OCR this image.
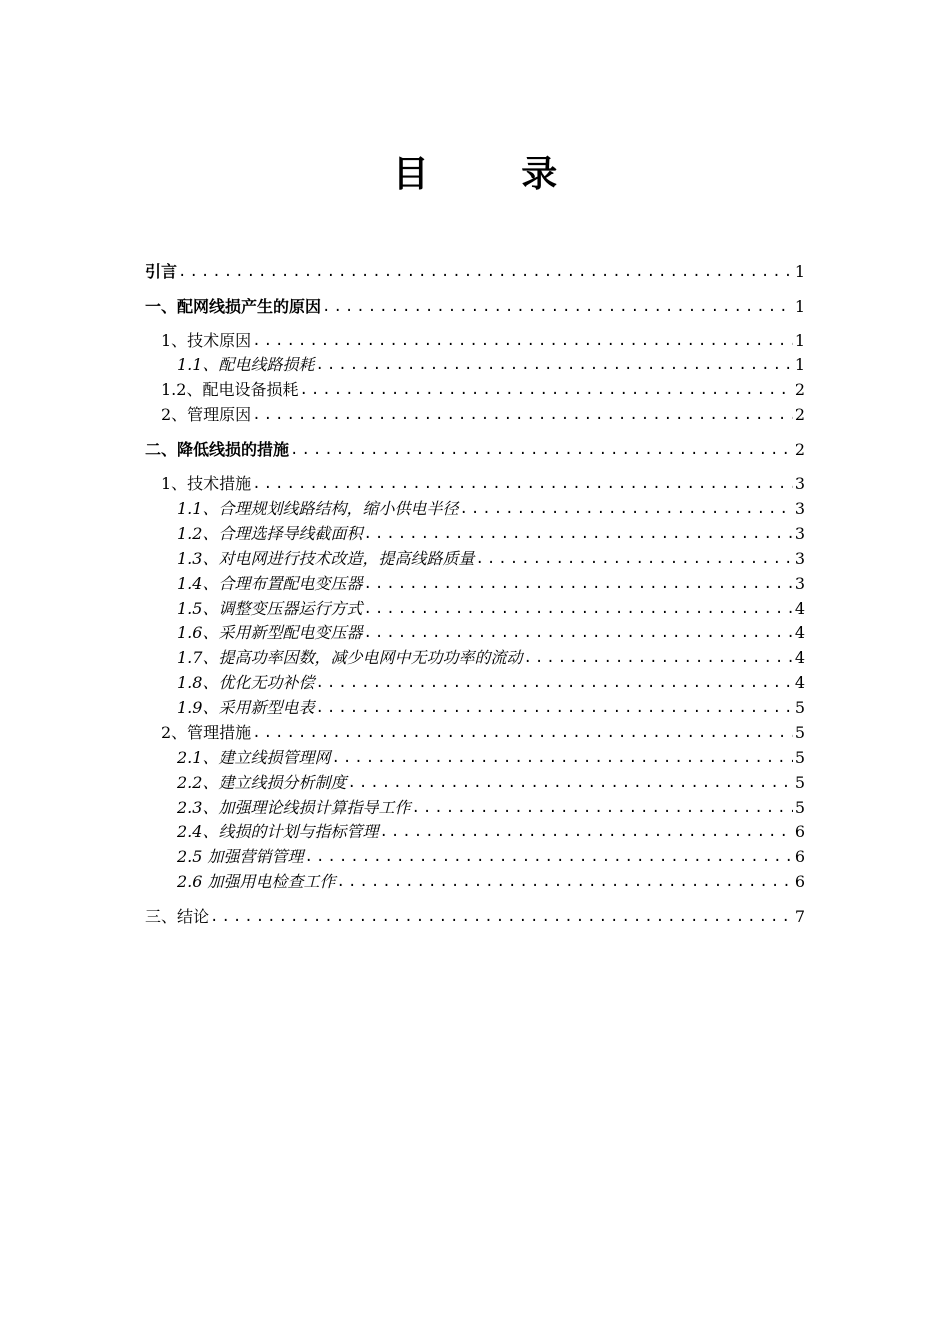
目 录
引言 .....	1
一、配网线损产生的原因 .....	1
1、技术原因 .....	1
1.1、配电线路损耗 .....	1
1.2、配电设备损耗 .....	2
2、管理原因 .....	2
二、降低线损的措施 .....	2
1、技术措施 .....	3
1.1、合理规划线路结构，缩小供电半径 .....	3
1.2、合理选择导线截面积 .....	3
1.3、对电网进行技术改造，提高线路质量 .....	3
1.4、合理布置配电变压器 .....	3
1.5、调整变压器运行方式 .....	4
1.6、采用新型配电变压器 .....	4
1.7、提高功率因数，减少电网中无功功率的流动 .....	4
1.8、优化无功补偿 .....	4
1.9、采用新型电表 .....	5
2、管理措施 .....	5
2.1、建立线损管理网 .....	5
2.2、建立线损分析制度 .....	5
2.3、加强理论线损计算指导工作 .....	5
2.4、线损的计划与指标管理 .....	6
2.5 加强营销管理 .....	6
2.6 加强用电检查工作 .....	6
三、结论 .....	7
